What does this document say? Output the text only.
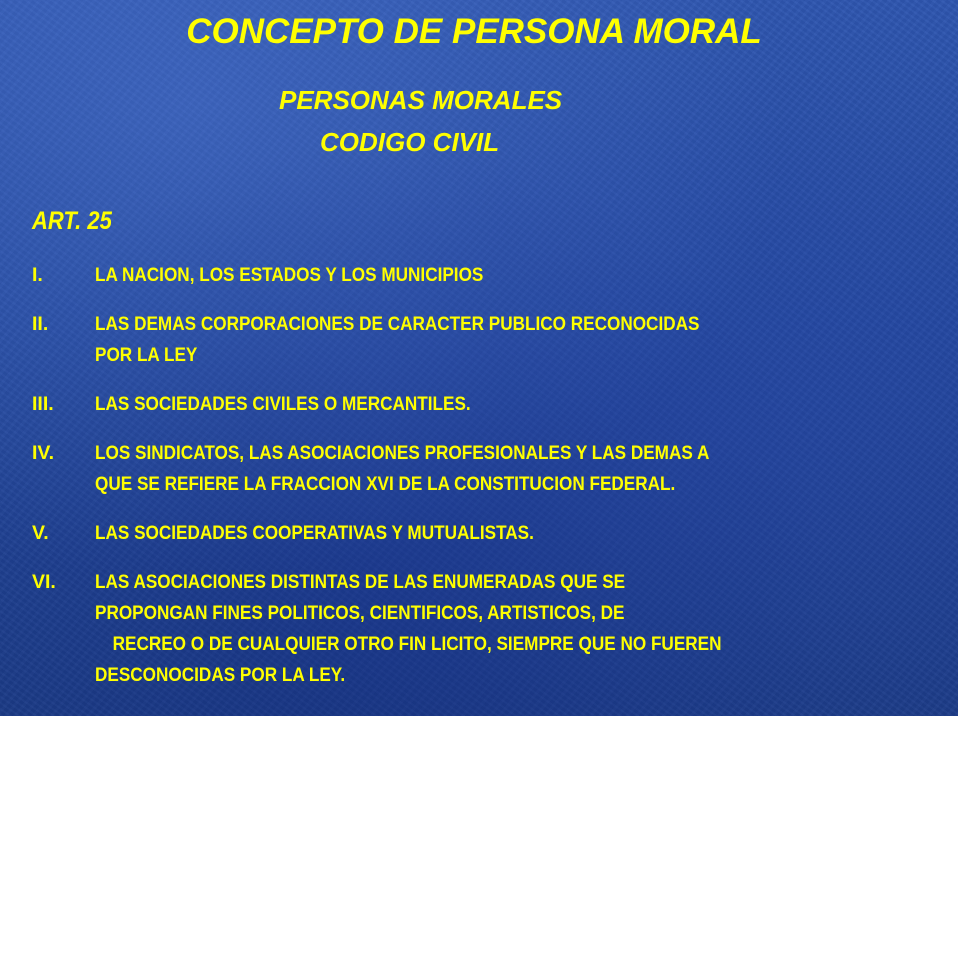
CONCEPTO DE PERSONA MORAL
PERSONAS MORALES
CODIGO CIVIL
ART. 25
I.	LA NACION, LOS ESTADOS Y LOS MUNICIPIOS
II. LAS DEMAS CORPORACIONES DE CARACTER PUBLICO RECONOCIDAS
POR LA LEY
III. LAS SOCIEDADES CIVILES O MERCANTILES.
IV. LOS SINDICATOS, LAS ASOCIACIONES PROFESIONALES Y LAS DEMAS A
QUE SE REFIERE LA FRACCION XVI DE LA CONSTITUCION FEDERAL.
V. LAS SOCIEDADES COOPERATIVAS Y MUTUALISTAS.
VI. LAS ASOCIACIONES DISTINTAS DE LAS ENUMERADAS QUE SE
PROPONGAN FINES POLITICOS, CIENTIFICOS, ARTISTICOS, DE
RECREO O DE CUALQUIER OTRO FIN LICITO, SIEMPRE QUE NO FUEREN
DESCONOCIDAS POR LA LEY.
